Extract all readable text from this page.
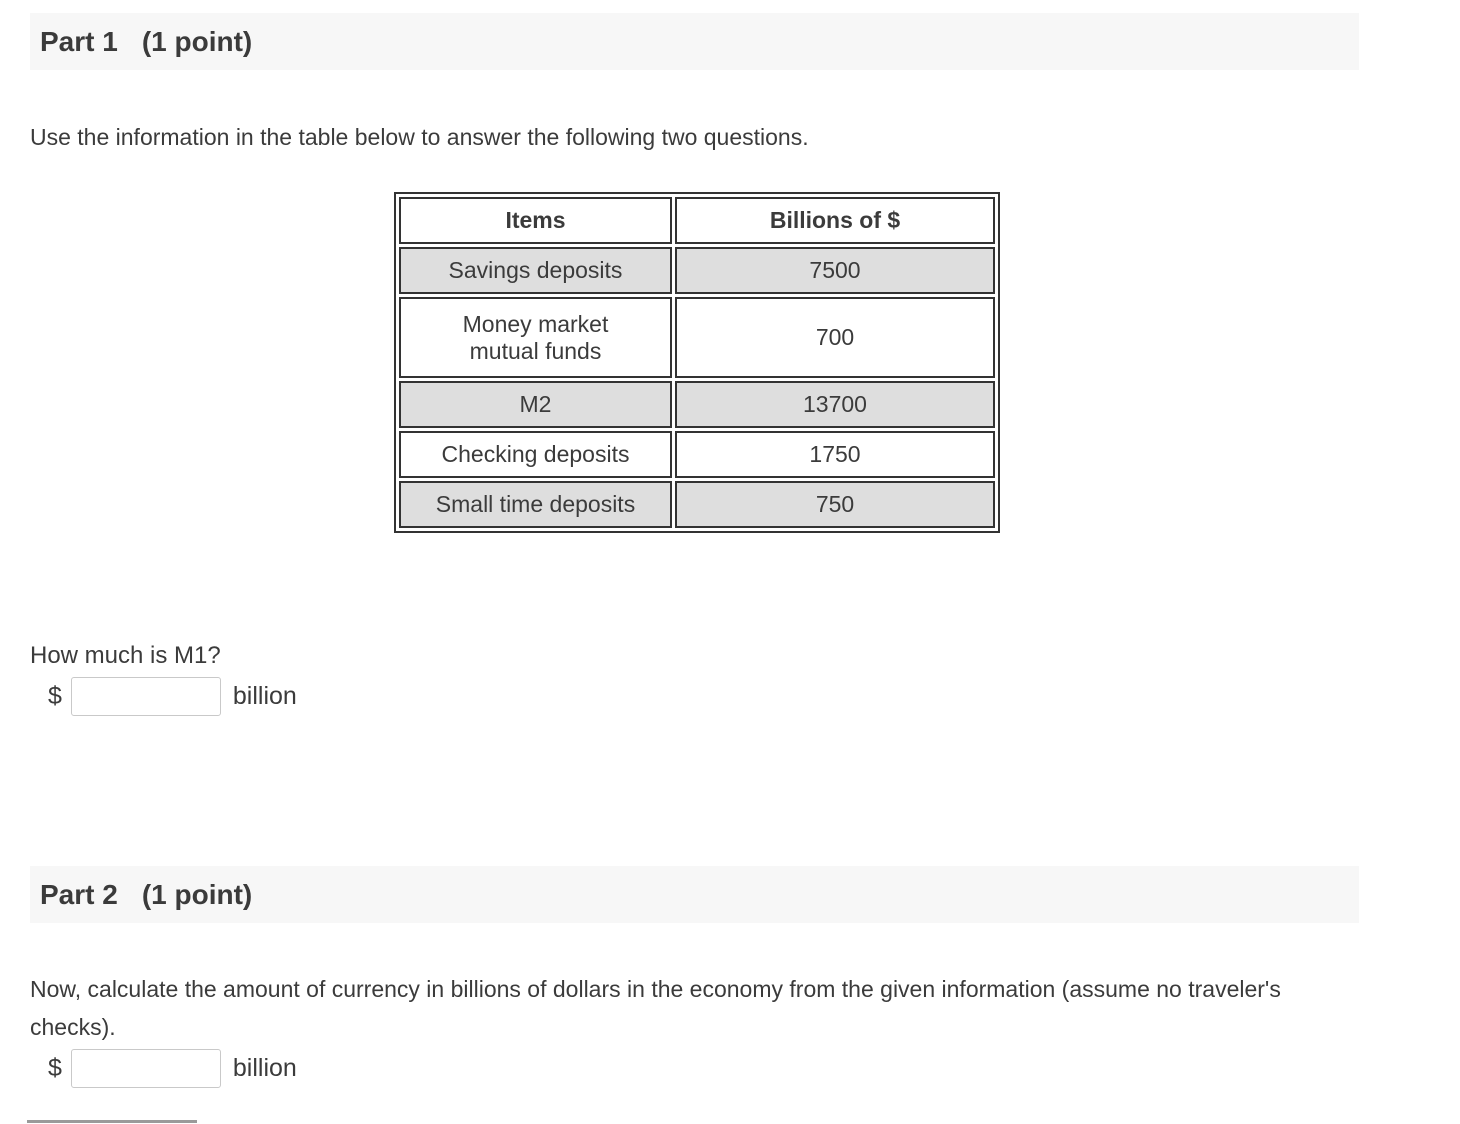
Part 1 (1 point)
Use the information in the table below to answer the following two questions.
Items	Billions of $
Savings deposits	7500
Money market mutual funds	700
M2	13700
Checking deposits	1750
Small time deposits	750
How much is M1?
$	billion
Part 2 (1 point)
Now, calculate the amount of currency in billions of dollars in the economy from the given information (assume no traveler's checks).
$	billion
